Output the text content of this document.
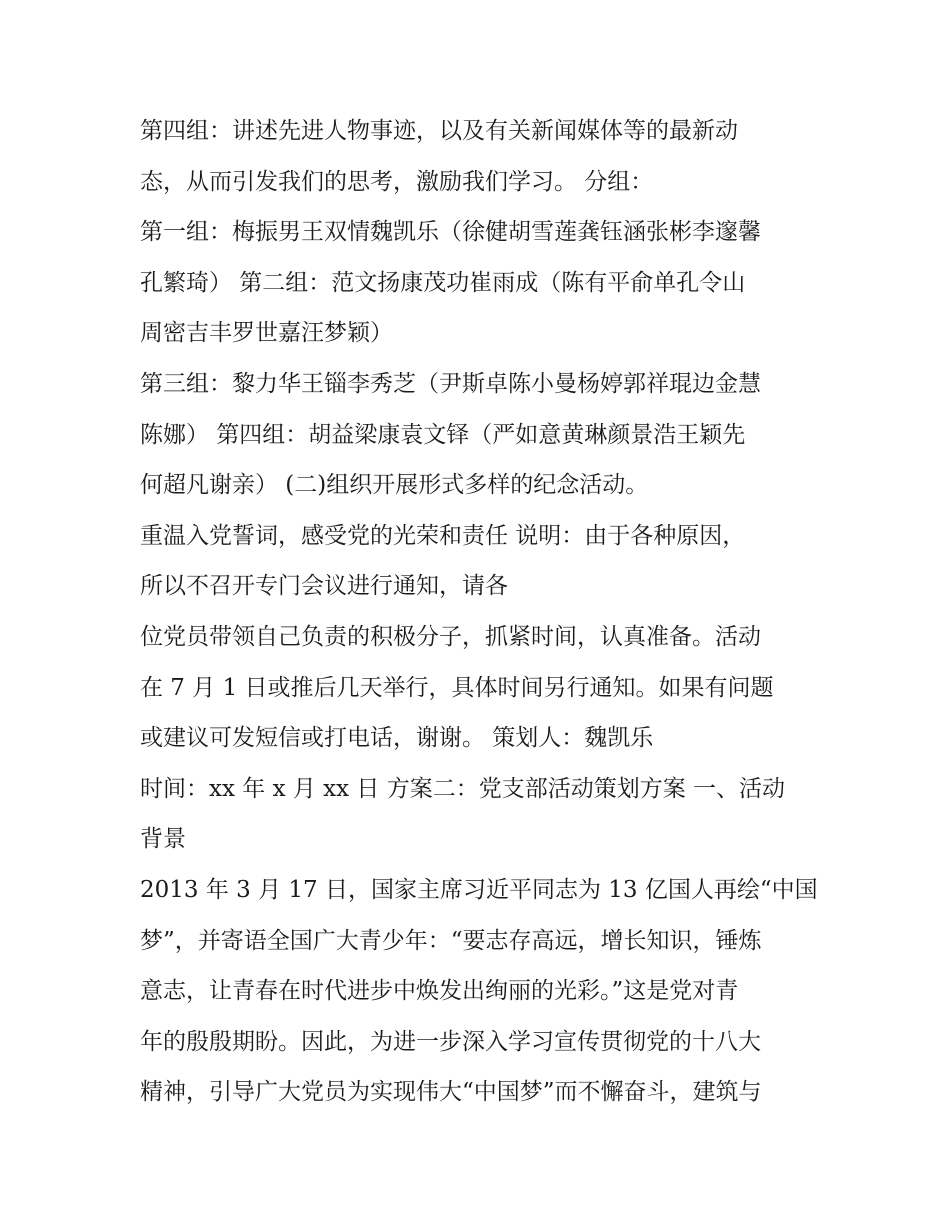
第四组：讲述先进人物事迹，以及有关新闻媒体等的最新动
态，从而引发我们的思考，激励我们学习。 分组：
第一组：梅振男王双情魏凯乐（徐健胡雪莲龚钰涵张彬李邃馨
孔繁琦） 第二组：范文扬康茂功崔雨成（陈有平俞单孔令山
周密吉丰罗世嘉汪梦颖）
第三组：黎力华王锱李秀芝（尹斯卓陈小曼杨婷郭祥琨边金慧
陈娜） 第四组：胡益梁康袁文铎（严如意黄琳颜景浩王颖先
何超凡谢亲） (二)组织开展形式多样的纪念活动。
重温入党誓词，感受党的光荣和责任 说明：由于各种原因，
所以不召开专门会议进行通知，请各
位党员带领自己负责的积极分子，抓紧时间，认真准备。活动
在 7 月 1 日或推后几天举行，具体时间另行通知。如果有问题
或建议可发短信或打电话，谢谢。 策划人：魏凯乐
时间：xx 年 x 月 xx 日 方案二：党支部活动策划方案 一、活动
背景
2013 年 3 月 17 日，国家主席习近平同志为 13 亿国人再绘“中国
梦”，并寄语全国广大青少年：“要志存高远，增长知识，锤炼
意志，让青春在时代进步中焕发出绚丽的光彩。”这是党对青
年的殷殷期盼。因此，为进一步深入学习宣传贯彻党的十八大
精神，引导广大党员为实现伟大“中国梦”而不懈奋斗，建筑与
